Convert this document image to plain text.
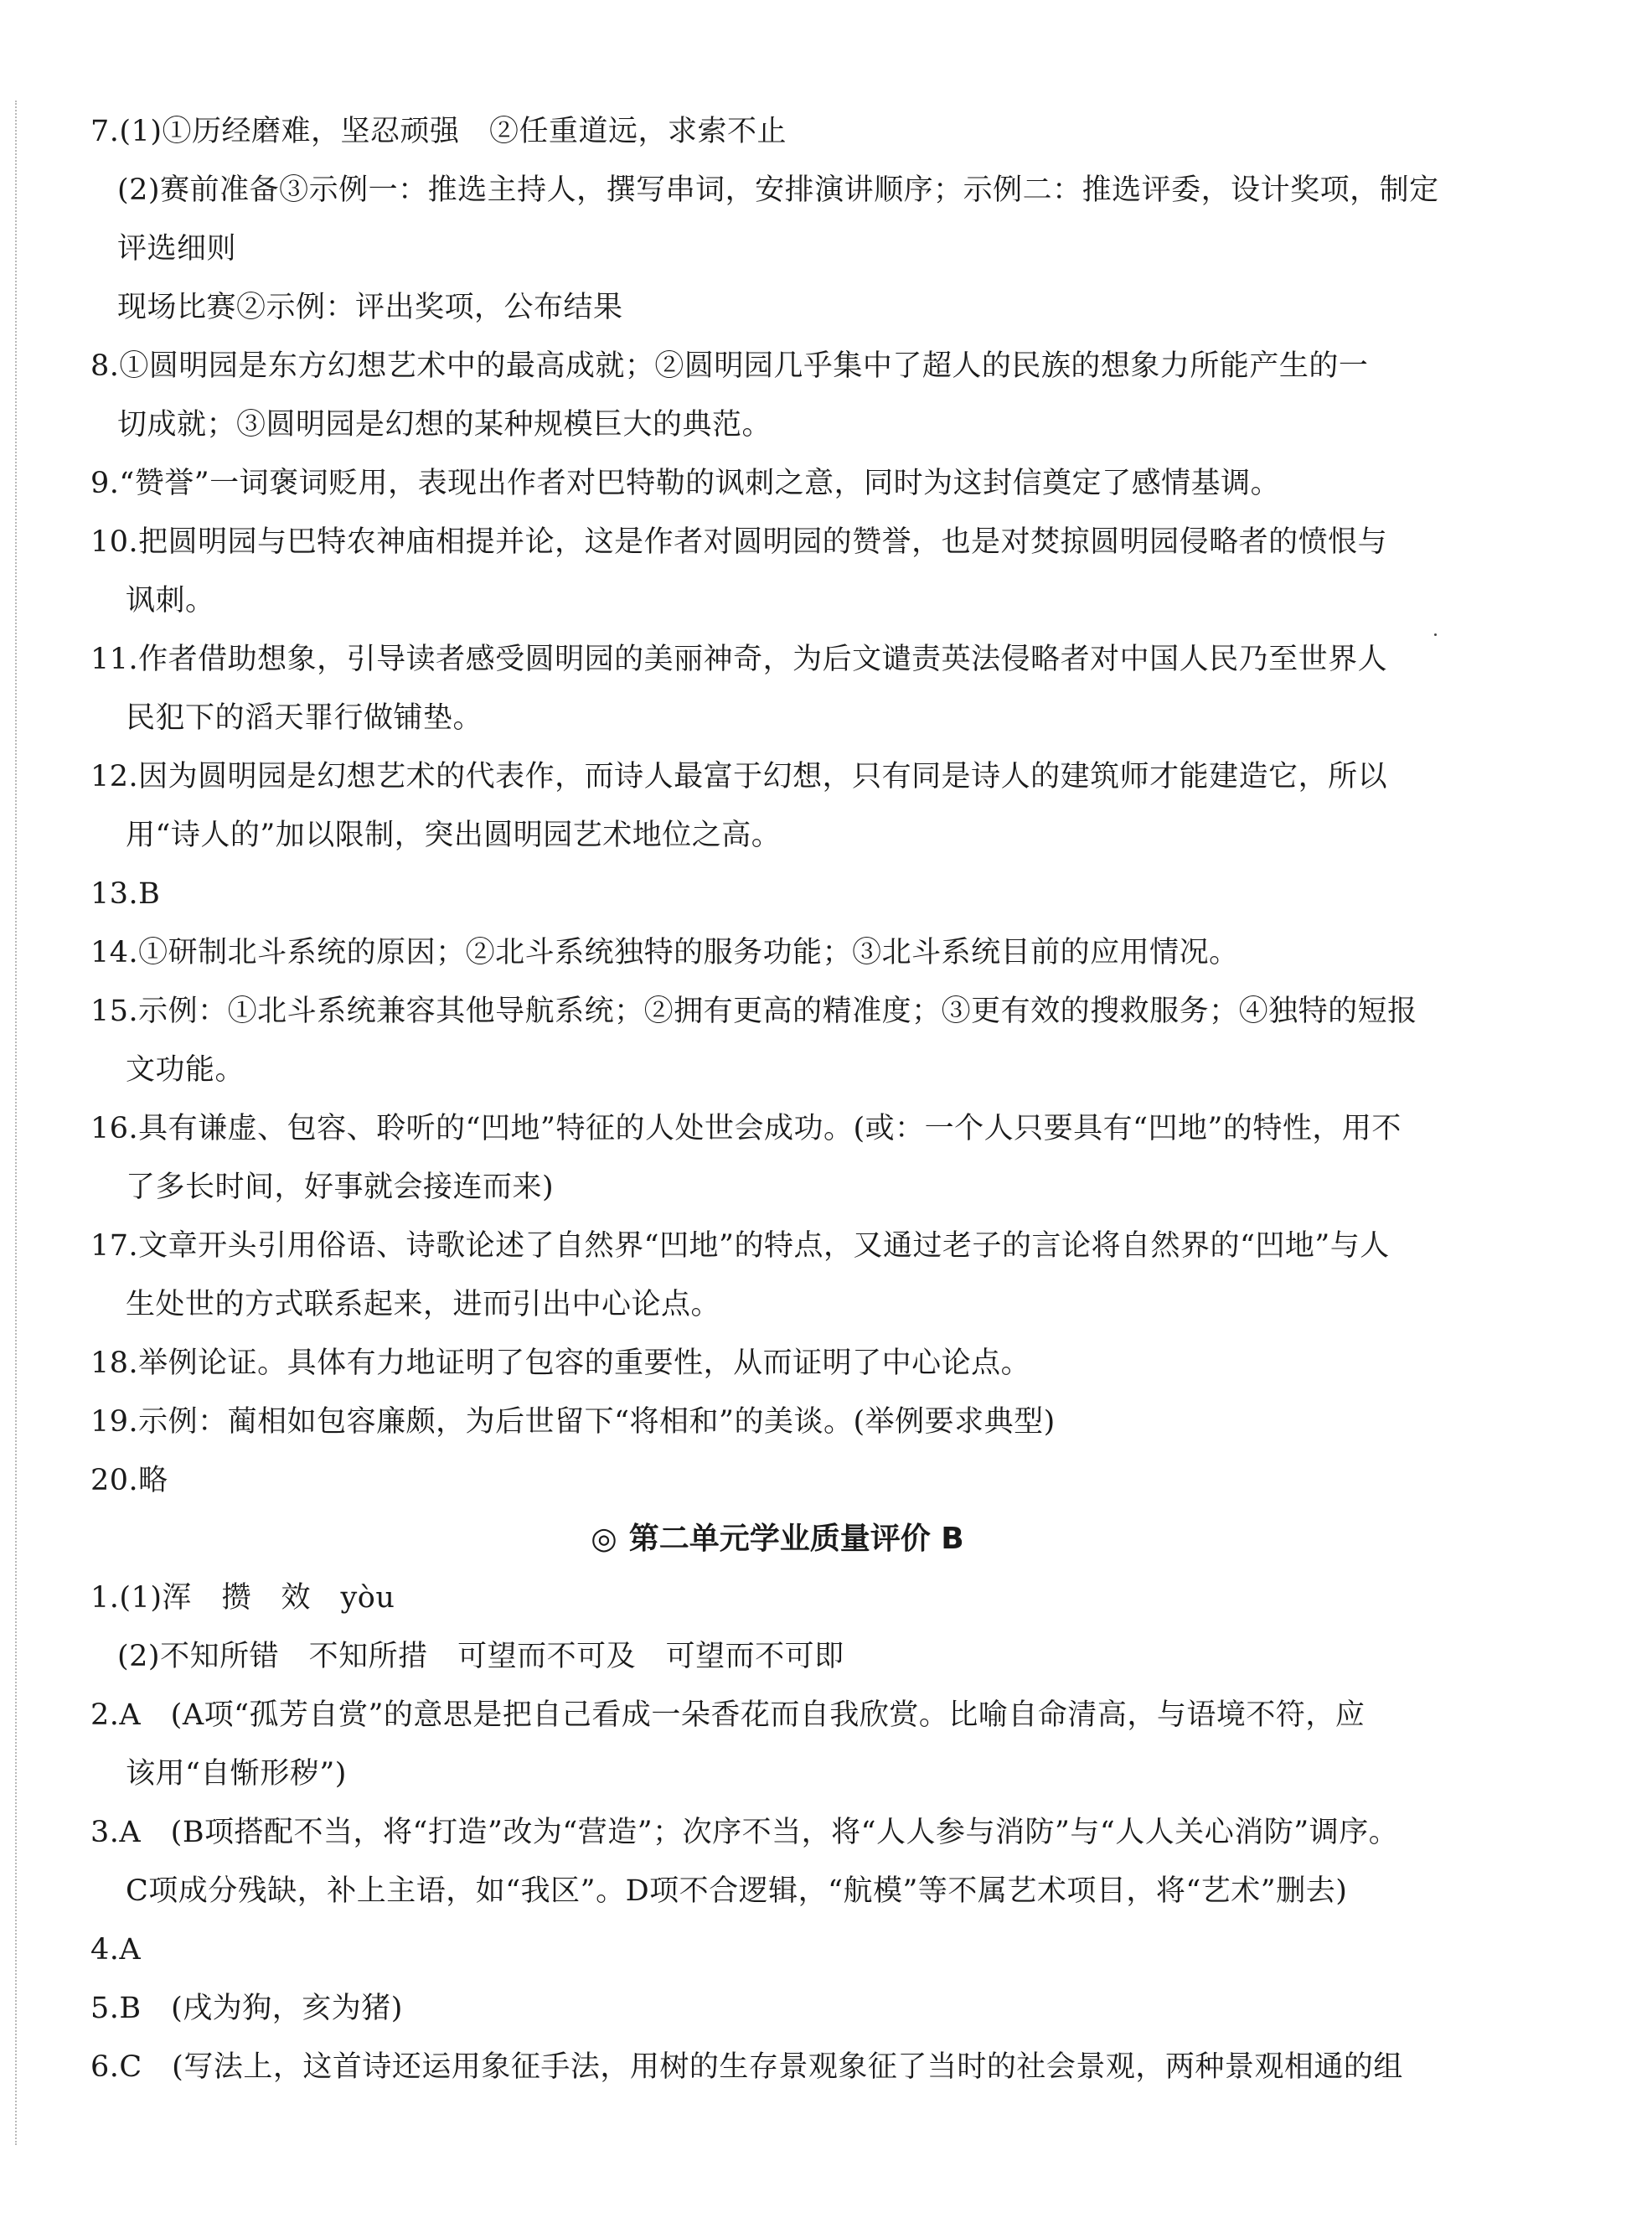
7.(1)①历经磨难，坚忍顽强　②任重道远，求索不止
(2)赛前准备③示例一：推选主持人，撰写串词，安排演讲顺序；示例二：推选评委，设计奖项，制定
评选细则
现场比赛②示例：评出奖项，公布结果
8.①圆明园是东方幻想艺术中的最高成就；②圆明园几乎集中了超人的民族的想象力所能产生的一
切成就；③圆明园是幻想的某种规模巨大的典范。
9.“赞誉”一词褒词贬用，表现出作者对巴特勒的讽刺之意，同时为这封信奠定了感情基调。
10.把圆明园与巴特农神庙相提并论，这是作者对圆明园的赞誉，也是对焚掠圆明园侵略者的愤恨与
讽刺。
11.作者借助想象，引导读者感受圆明园的美丽神奇，为后文谴责英法侵略者对中国人民乃至世界人
民犯下的滔天罪行做铺垫。
12.因为圆明园是幻想艺术的代表作，而诗人最富于幻想，只有同是诗人的建筑师才能建造它，所以
用“诗人的”加以限制，突出圆明园艺术地位之高。
13.B
14.①研制北斗系统的原因；②北斗系统独特的服务功能；③北斗系统目前的应用情况。
15.示例：①北斗系统兼容其他导航系统；②拥有更高的精准度；③更有效的搜救服务；④独特的短报
文功能。
16.具有谦虚、包容、聆听的“凹地”特征的人处世会成功。(或：一个人只要具有“凹地”的特性，用不
了多长时间，好事就会接连而来)
17.文章开头引用俗语、诗歌论述了自然界“凹地”的特点，又通过老子的言论将自然界的“凹地”与人
生处世的方式联系起来，进而引出中心论点。
18.举例论证。具体有力地证明了包容的重要性，从而证明了中心论点。
19.示例：蔺相如包容廉颇，为后世留下“将相和”的美谈。(举例要求典型)
20.略
◎ 第二单元学业质量评价 B
1.(1)浑　攒　效　yòu
(2)不知所错　不知所措　可望而不可及　可望而不可即
2.A　(A项“孤芳自赏”的意思是把自己看成一朵香花而自我欣赏。比喻自命清高，与语境不符，应
该用“自惭形秽”)
3.A　(B项搭配不当，将“打造”改为“营造”；次序不当，将“人人参与消防”与“人人关心消防”调序。
C项成分残缺，补上主语，如“我区”。D项不合逻辑，“航模”等不属艺术项目，将“艺术”删去)
4.A
5.B　(戌为狗，亥为猪)
6.C　(写法上，这首诗还运用象征手法，用树的生存景观象征了当时的社会景观，两种景观相通的组
